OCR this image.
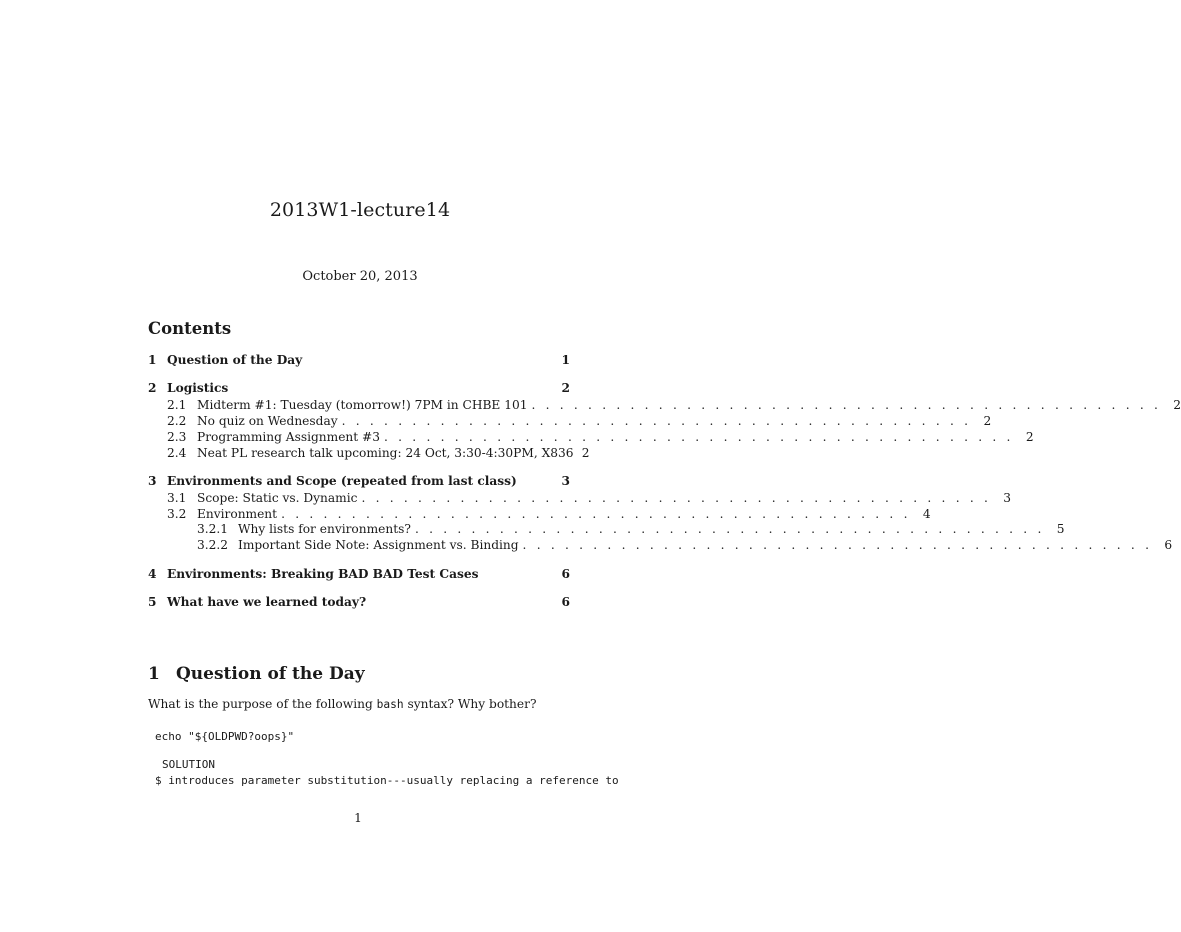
2013W1-lecture14
October 20, 2013
Contents
1 Question of the Day	1
2 Logistics	2
2.1 Midterm #1: Tuesday (tomorrow!) 7PM in CHBE 101 . . . . . . . . . . . . . . . . . . . . . . . . . . . . . . . . . . . . . . . . . . . . .	2
2.2 No quiz on Wednesday . . . . . . . . . . . . . . . . . . . . . . . . . . . . . . . . . . . . . . . . . . . . .	2
2.3 Programming Assignment #3 . . . . . . . . . . . . . . . . . . . . . . . . . . . . . . . . . . . . . . . . . . . . .	2
2.4 Neat PL research talk upcoming: 24 Oct, 3:30-4:30PM, X836 2
3 Environments and Scope (repeated from last class)	3
3.1 Scope: Static vs. Dynamic . . . . . . . . . . . . . . . . . . . . . . . . . . . . . . . . . . . . . . . . . . . . .	3
3.2 Environment . . . . . . . . . . . . . . . . . . . . . . . . . . . . . . . . . . . . . . . . . . . . .	4
3.2.1 Why lists for environments? . . . . . . . . . . . . . . . . . . . . . . . . . . . . . . . . . . . . . . . . . . . . .	5
3.2.2 Important Side Note: Assignment vs. Binding . . . . . . . . . . . . . . . . . . . . . . . . . . . . . . . . . . . . . . . . . . . . .	6
4 Environments: Breaking BAD BAD Test Cases	6
5 What have we learned today?	6
1 Question of the Day
What is the purpose of the following bash syntax? Why bother?
echo "${OLDPWD?oops}"
SOLUTION
$ introduces parameter substitution---usually replacing a reference to
1
